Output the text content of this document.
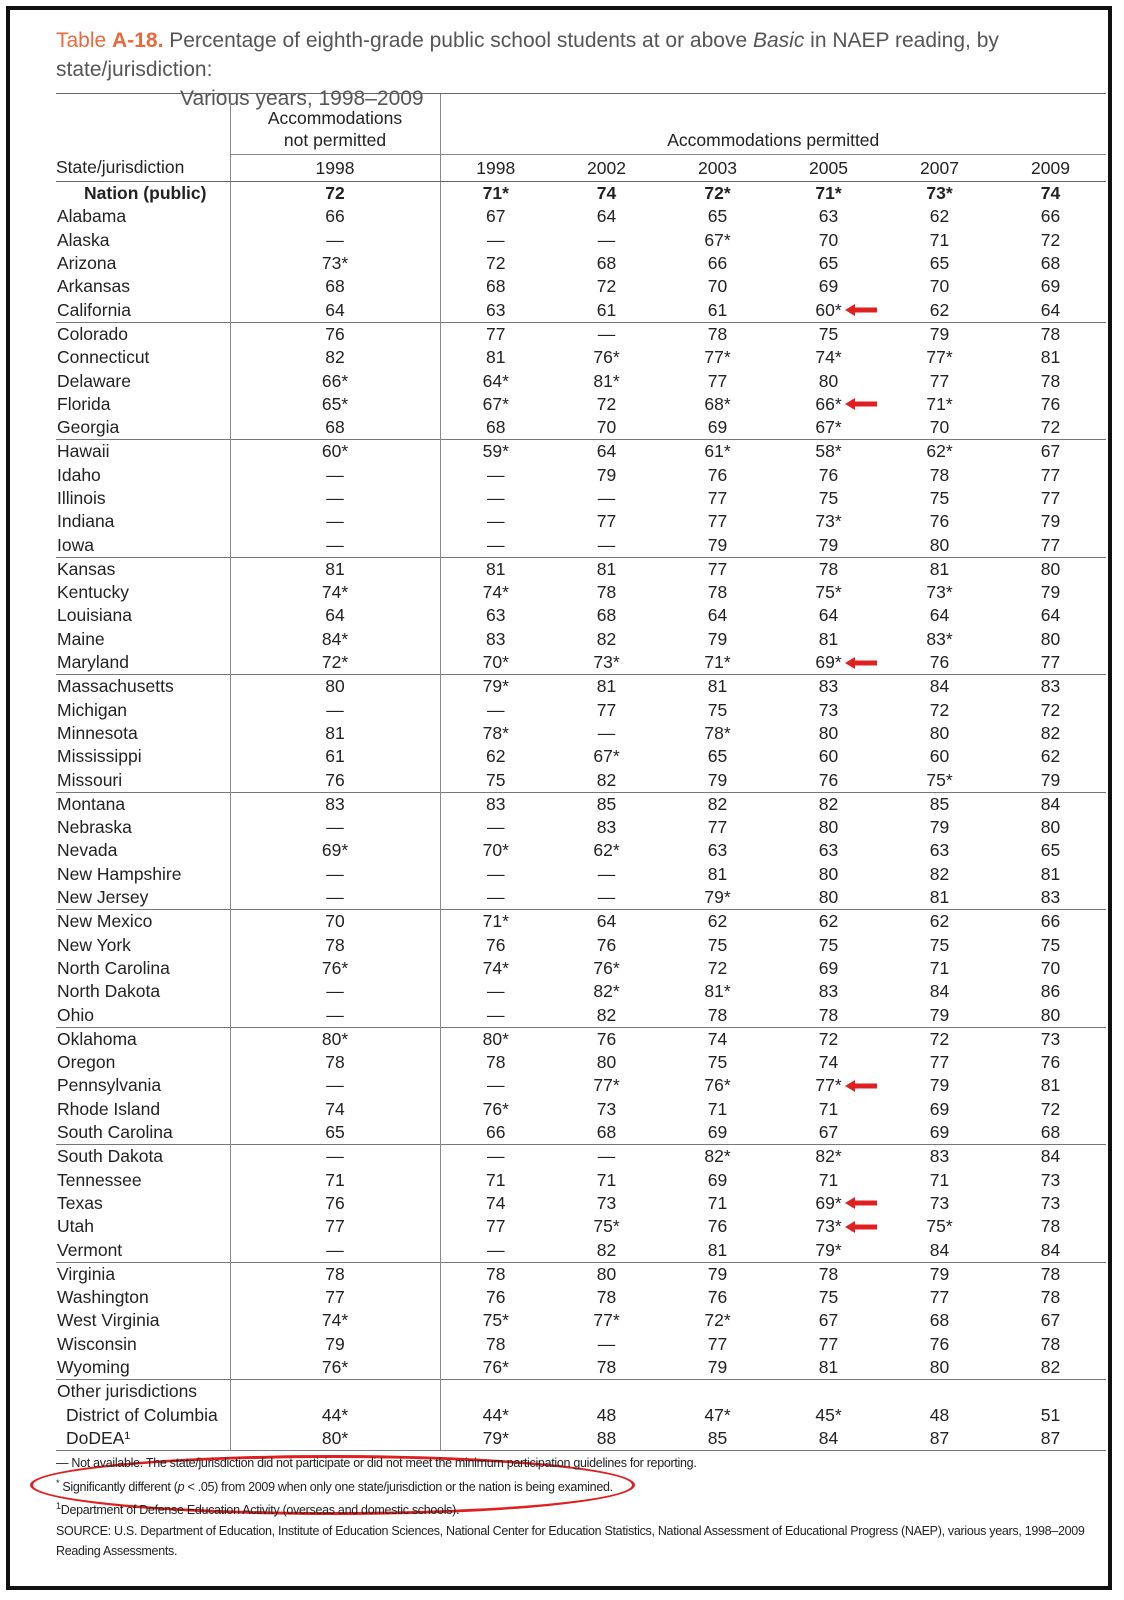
Table A-18. Percentage of eighth-grade public school students at or above Basic in NAEP reading, by state/jurisdiction:
Various years, 1998–2009
	Accommodations
not permitted	Accommodations permitted					
State/jurisdiction	1998	1998	2002	2003	2005	2007	2009
Nation (public)	72	71*	74	72*	71*	73*	74
Alabama	66	67	64	65	63	62	66
Alaska	—	—	—	67*	70	71	72
Arizona	73*	72	68	66	65	65	68
Arkansas	68	68	72	70	69	70	69
California	64	63	61	61	60*	62	64
Colorado	76	77	—	78	75	79	78
Connecticut	82	81	76*	77*	74*	77*	81
Delaware	66*	64*	81*	77	80	77	78
Florida	65*	67*	72	68*	66*	71*	76
Georgia	68	68	70	69	67*	70	72
Hawaii	60*	59*	64	61*	58*	62*	67
Idaho	—	—	79	76	76	78	77
Illinois	—	—	—	77	75	75	77
Indiana	—	—	77	77	73*	76	79
Iowa	—	—	—	79	79	80	77
Kansas	81	81	81	77	78	81	80
Kentucky	74*	74*	78	78	75*	73*	79
Louisiana	64	63	68	64	64	64	64
Maine	84*	83	82	79	81	83*	80
Maryland	72*	70*	73*	71*	69*	76	77
Massachusetts	80	79*	81	81	83	84	83
Michigan	—	—	77	75	73	72	72
Minnesota	81	78*	—	78*	80	80	82
Mississippi	61	62	67*	65	60	60	62
Missouri	76	75	82	79	76	75*	79
Montana	83	83	85	82	82	85	84
Nebraska	—	—	83	77	80	79	80
Nevada	69*	70*	62*	63	63	63	65
New Hampshire	—	—	—	81	80	82	81
New Jersey	—	—	—	79*	80	81	83
New Mexico	70	71*	64	62	62	62	66
New York	78	76	76	75	75	75	75
North Carolina	76*	74*	76*	72	69	71	70
North Dakota	—	—	82*	81*	83	84	86
Ohio	—	—	82	78	78	79	80
Oklahoma	80*	80*	76	74	72	72	73
Oregon	78	78	80	75	74	77	76
Pennsylvania	—	—	77*	76*	77*	79	81
Rhode Island	74	76*	73	71	71	69	72
South Carolina	65	66	68	69	67	69	68
South Dakota	—	—	—	82*	82*	83	84
Tennessee	71	71	71	69	71	71	73
Texas	76	74	73	71	69*	73	73
Utah	77	77	75*	76	73*	75*	78
Vermont	—	—	82	81	79*	84	84
Virginia	78	78	80	79	78	79	78
Washington	77	76	78	76	75	77	78
West Virginia	74*	75*	77*	72*	67	68	67
Wisconsin	79	78	—	77	77	76	78
Wyoming	76*	76*	78	79	81	80	82
Other jurisdictions							
District of Columbia	44*	44*	48	47*	45*	48	51
DoDEA¹	80*	79*	88	85	84	87	87
— Not available. The state/jurisdiction did not participate or did not meet the minimum participation guidelines for reporting.
* Significantly different (p < .05) from 2009 when only one state/jurisdiction or the nation is being examined.
$^1$Department of Defense Education Activity (overseas and domestic schools).
SOURCE: U.S. Department of Education, Institute of Education Sciences, National Center for Education Statistics, National Assessment of Educational Progress (NAEP), various years, 1998–2009 Reading Assessments.
